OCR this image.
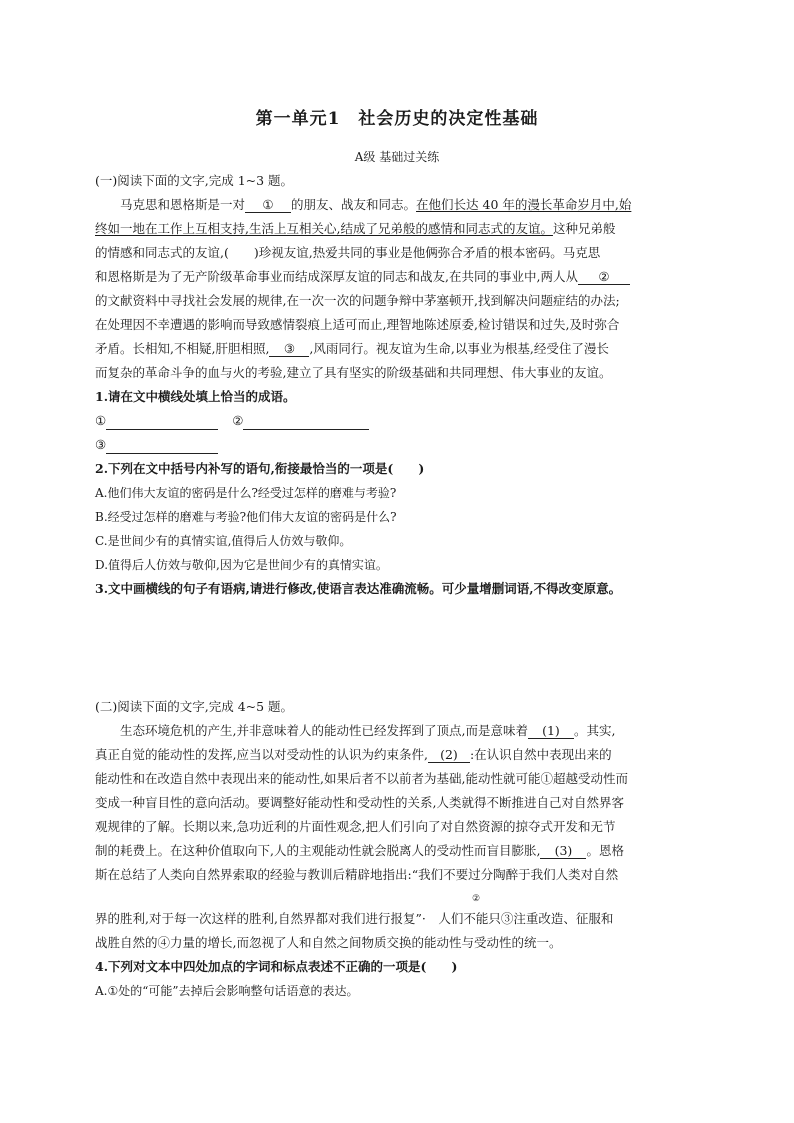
第一单元1　社会历史的决定性基础
A级 基础过关练
(一)阅读下面的文字,完成 1~3 题。
马克思和恩格斯是一对 ① 的朋友、战友和同志。在他们长达 40 年的漫长革命岁月中,始
终如一地在工作上互相支持,生活上互相关心,结成了兄弟般的感情和同志式的友谊。这种兄弟般
的情感和同志式的友谊,(　　)珍视友谊,热爱共同的事业是他俩弥合矛盾的根本密码。马克思
和恩格斯是为了无产阶级革命事业而结成深厚友谊的同志和战友,在共同的事业中,两人从 ②
的文献资料中寻找社会发展的规律,在一次一次的问题争辩中茅塞顿开,找到解决问题症结的办法;
在处理因不幸遭遇的影响而导致感情裂痕上适可而止,理智地陈述原委,检讨错误和过失,及时弥合
矛盾。长相知,不相疑,肝胆相照, ③ ,风雨同行。视友谊为生命,以事业为根基,经受住了漫长
而复杂的革命斗争的血与火的考验,建立了具有坚实的阶级基础和共同理想、伟大事业的友谊。
1.请在文中横线处填上恰当的成语。
①	②
③
2.下列在文中括号内补写的语句,衔接最恰当的一项是(　　)
A.他们伟大友谊的密码是什么?经受过怎样的磨难与考验?
B.经受过怎样的磨难与考验?他们伟大友谊的密码是什么?
C.是世间少有的真情实谊,值得后人仿效与敬仰。
D.值得后人仿效与敬仰,因为它是世间少有的真情实谊。
3.文中画横线的句子有语病,请进行修改,使语言表达准确流畅。可少量增删词语,不得改变原意。
(二)阅读下面的文字,完成 4~5 题。
生态环境危机的产生,并非意味着人的能动性已经发挥到了顶点,而是意味着 (1) 。其实,
真正自觉的能动性的发挥,应当以对受动性的认识为约束条件, (2) :在认识自然中表现出来的
能动性和在改造自然中表现出来的能动性,如果后者不以前者为基础,能动性就可能①超越受动性而
变成一种盲目性的意向活动。要调整好能动性和受动性的关系,人类就得不断推进自己对自然界客
观规律的了解。长期以来,急功近利的片面性观念,把人们引向了对自然资源的掠夺式开发和无节
制的耗费上。在这种价值取向下,人的主观能动性就会脱离人的受动性而盲目膨胀, (3) 。恩格
斯在总结了人类向自然界索取的经验与教训后精辟地指出:“我们不要过分陶醉于我们人类对自然
②
界的胜利,对于每一次这样的胜利,自然界都对我们进行报复”·　人们不能只③注重改造、征服和
战胜自然的④力量的增长,而忽视了人和自然之间物质交换的能动性与受动性的统一。
4.下列对文本中四处加点的字词和标点表述不正确的一项是(　　)
A.①处的“可能”去掉后会影响整句话语意的表达。
